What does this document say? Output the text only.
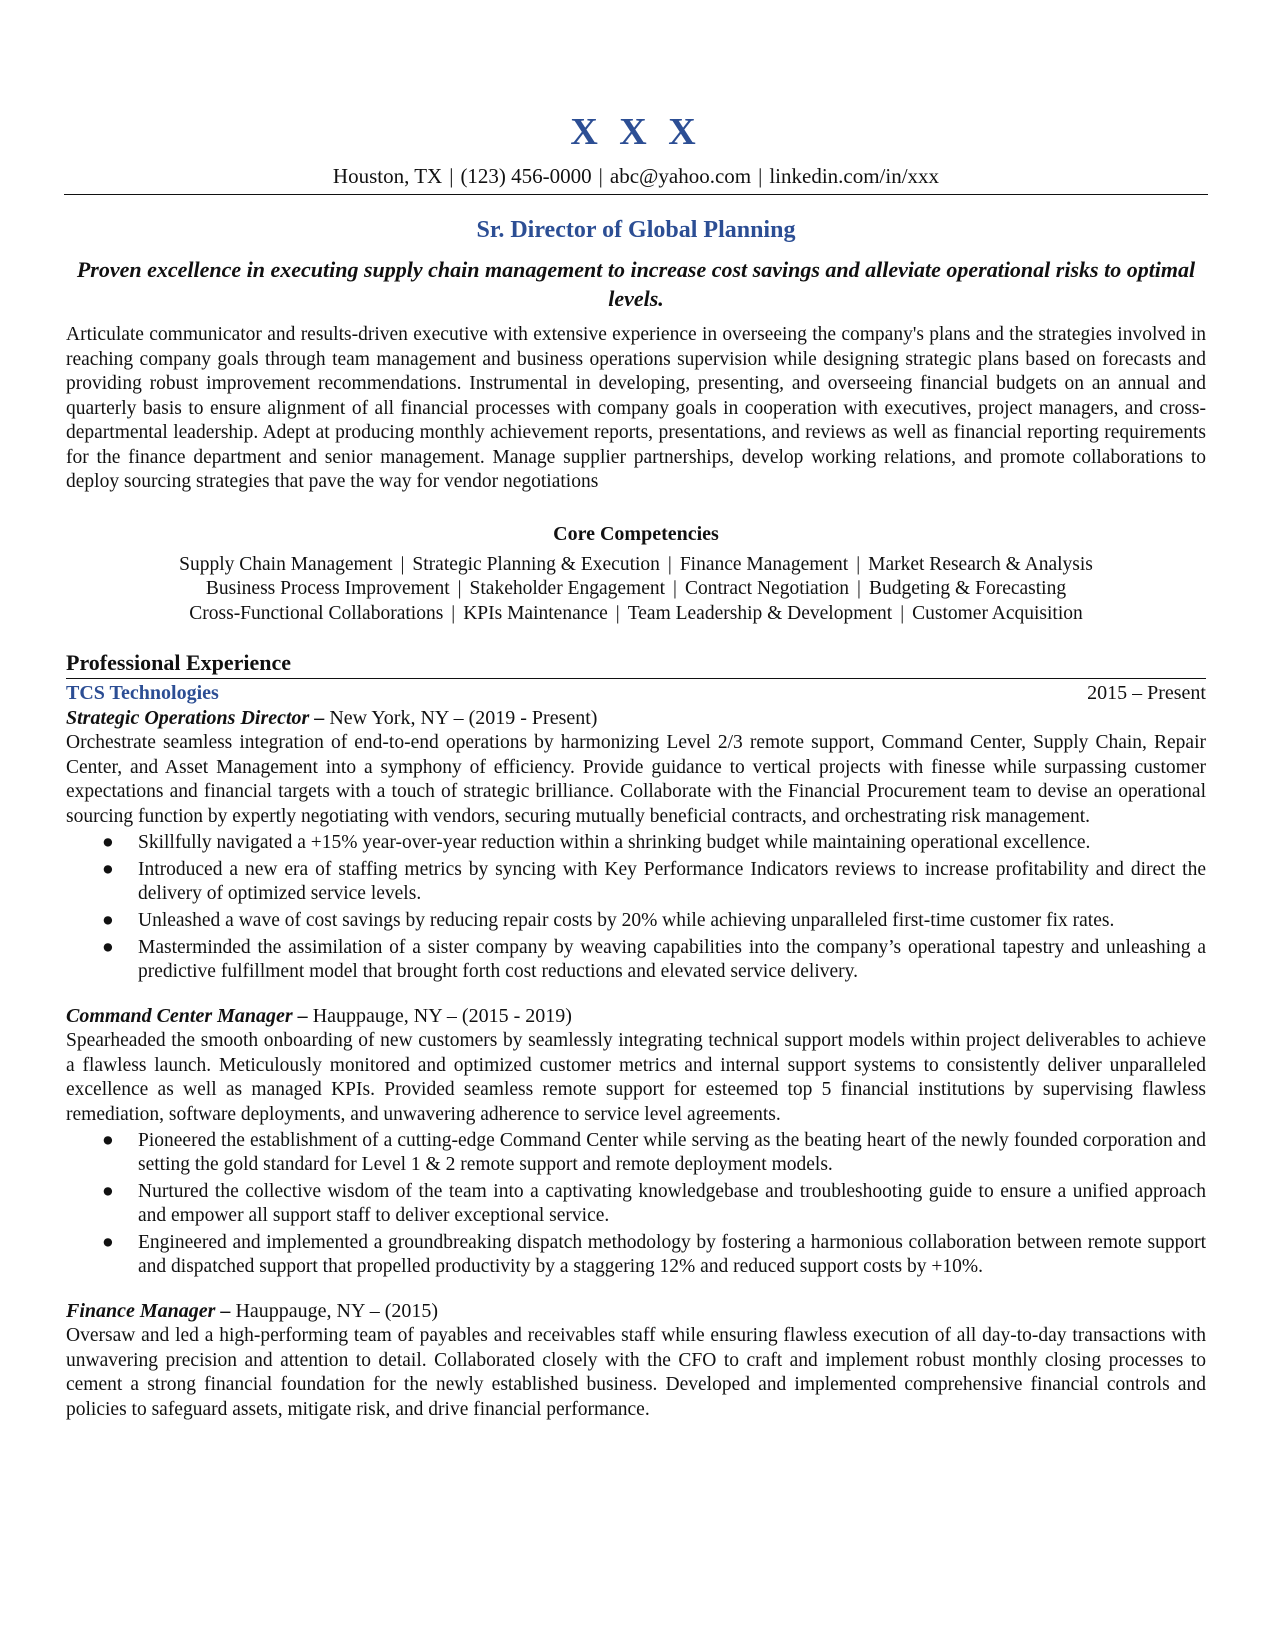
X X X
Houston, TX | (123) 456-0000 | abc@yahoo.com | linkedin.com/in/xxx
Sr. Director of Global Planning
Proven excellence in executing supply chain management to increase cost savings and alleviate operational risks to optimal levels.
Articulate communicator and results-driven executive with extensive experience in overseeing the company's plans and the strategies involved in reaching company goals through team management and business operations supervision while designing strategic plans based on forecasts and providing robust improvement recommendations. Instrumental in developing, presenting, and overseeing financial budgets on an annual and quarterly basis to ensure alignment of all financial processes with company goals in cooperation with executives, project managers, and cross-departmental leadership. Adept at producing monthly achievement reports, presentations, and reviews as well as financial reporting requirements for the finance department and senior management. Manage supplier partnerships, develop working relations, and promote collaborations to deploy sourcing strategies that pave the way for vendor negotiations
Core Competencies
Supply Chain Management | Strategic Planning & Execution | Finance Management | Market Research & Analysis
Business Process Improvement | Stakeholder Engagement | Contract Negotiation | Budgeting & Forecasting
Cross-Functional Collaborations | KPIs Maintenance | Team Leadership & Development | Customer Acquisition
Professional Experience
TCS Technologies	2015 – Present
Strategic Operations Director – New York, NY – (2019 - Present)
Orchestrate seamless integration of end-to-end operations by harmonizing Level 2/3 remote support, Command Center, Supply Chain, Repair Center, and Asset Management into a symphony of efficiency. Provide guidance to vertical projects with finesse while surpassing customer expectations and financial targets with a touch of strategic brilliance. Collaborate with the Financial Procurement team to devise an operational sourcing function by expertly negotiating with vendors, securing mutually beneficial contracts, and orchestrating risk management.
● Skillfully navigated a +15% year-over-year reduction within a shrinking budget while maintaining operational excellence.
● Introduced a new era of staffing metrics by syncing with Key Performance Indicators reviews to increase profitability and direct the delivery of optimized service levels.
● Unleashed a wave of cost savings by reducing repair costs by 20% while achieving unparalleled first-time customer fix rates.
● Masterminded the assimilation of a sister company by weaving capabilities into the company’s operational tapestry and unleashing a predictive fulfillment model that brought forth cost reductions and elevated service delivery.
Command Center Manager – Hauppauge, NY – (2015 - 2019)
Spearheaded the smooth onboarding of new customers by seamlessly integrating technical support models within project deliverables to achieve a flawless launch. Meticulously monitored and optimized customer metrics and internal support systems to consistently deliver unparalleled excellence as well as managed KPIs. Provided seamless remote support for esteemed top 5 financial institutions by supervising flawless remediation, software deployments, and unwavering adherence to service level agreements.
● Pioneered the establishment of a cutting-edge Command Center while serving as the beating heart of the newly founded corporation and setting the gold standard for Level 1 & 2 remote support and remote deployment models.
● Nurtured the collective wisdom of the team into a captivating knowledgebase and troubleshooting guide to ensure a unified approach and empower all support staff to deliver exceptional service.
● Engineered and implemented a groundbreaking dispatch methodology by fostering a harmonious collaboration between remote support and dispatched support that propelled productivity by a staggering 12% and reduced support costs by +10%.
Finance Manager – Hauppauge, NY – (2015)
Oversaw and led a high-performing team of payables and receivables staff while ensuring flawless execution of all day-to-day transactions with unwavering precision and attention to detail. Collaborated closely with the CFO to craft and implement robust monthly closing processes to cement a strong financial foundation for the newly established business. Developed and implemented comprehensive financial controls and policies to safeguard assets, mitigate risk, and drive financial performance.
